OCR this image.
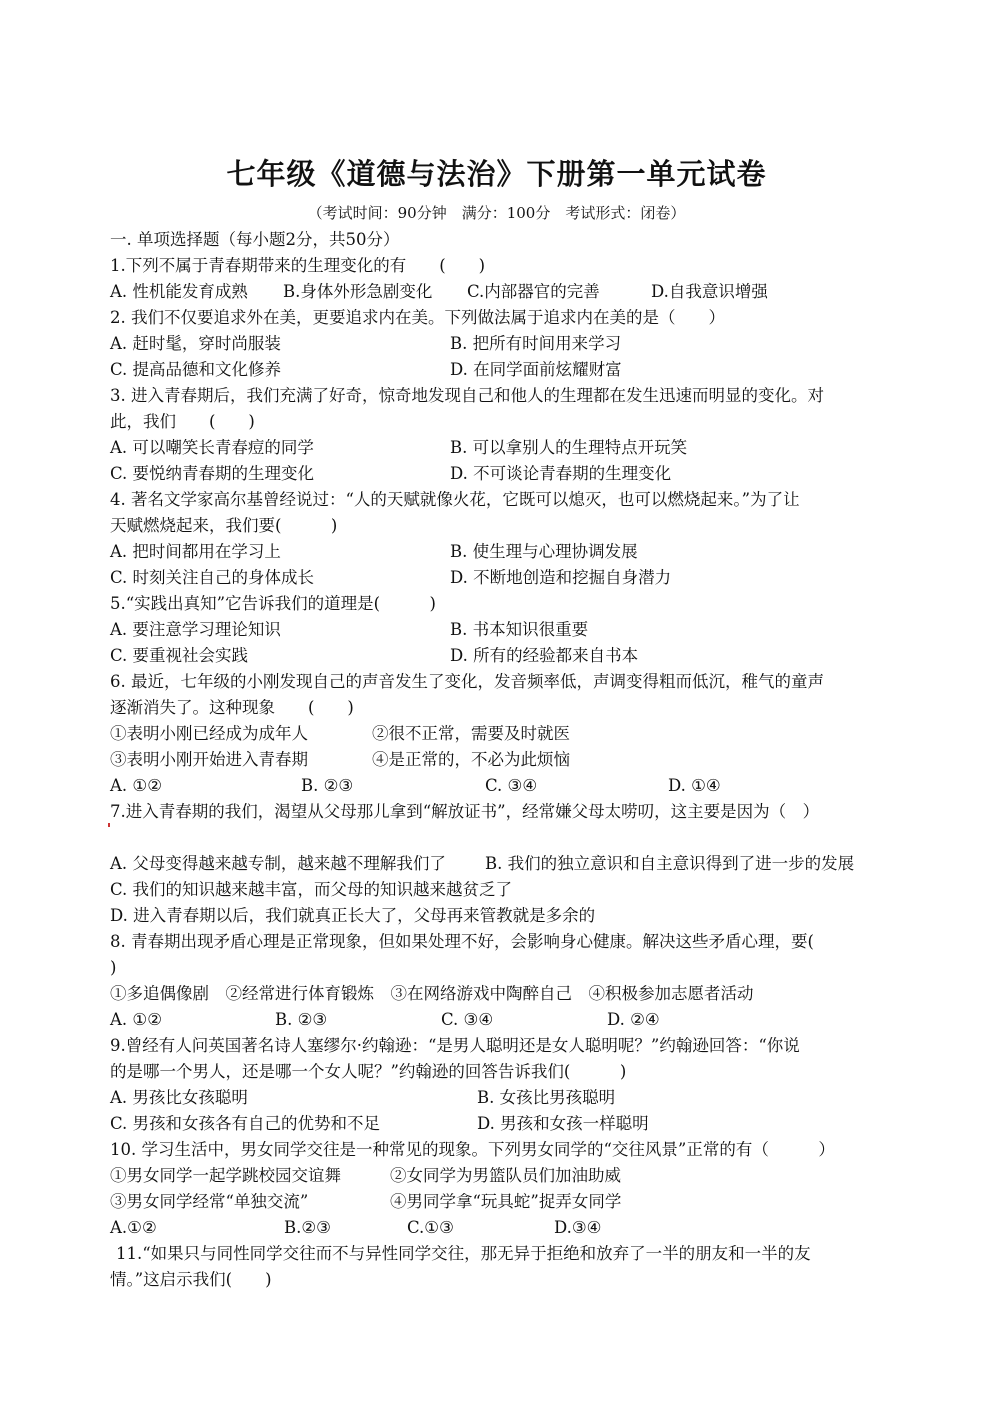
七年级《道德与法治》下册第一单元试卷
（考试时间：90分钟　满分：100分　考试形式：闭卷）
一. 单项选择题（每小题2分，共50分）
1.下列不属于青春期带来的生理变化的有　　(　　)
A. 性机能发育成熟 B.身体外形急剧变化 C.内部器官的完善	D.自我意识增强
2. 我们不仅要追求外在美，更要追求内在美。下列做法属于追求内在美的是（　　）
A. 赶时髦，穿时尚服装	B. 把所有时间用来学习
C. 提高品德和文化修养	D. 在同学面前炫耀财富
3. 进入青春期后，我们充满了好奇，惊奇地发现自己和他人的生理都在发生迅速而明显的变化。对
此，我们　　(　　)
A. 可以嘲笑长青春痘的同学	B. 可以拿别人的生理特点开玩笑
C. 要悦纳青春期的生理变化	D. 不可谈论青春期的生理变化
4. 著名文学家高尔基曾经说过：“人的天赋就像火花，它既可以熄灭，也可以燃烧起来。”为了让
天赋燃烧起来，我们要(　　　)
A. 把时间都用在学习上	B. 使生理与心理协调发展
C. 时刻关注自己的身体成长	D. 不断地创造和挖掘自身潜力
5.“实践出真知”它告诉我们的道理是(　　　)
A. 要注意学习理论知识	B. 书本知识很重要
C. 要重视社会实践	D. 所有的经验都来自书本
6. 最近，七年级的小刚发现自己的声音发生了变化，发音频率低，声调变得粗而低沉，稚气的童声
逐渐消失了。这种现象　　(　　)
①表明小刚已经成为成年人	②很不正常，需要及时就医
③表明小刚开始进入青春期	④是正常的，不必为此烦恼
A. ①②	B. ②③	C. ③④	D. ①④
7.进入青春期的我们，渴望从父母那儿拿到“解放证书”，经常嫌父母太唠叨，这主要是因为（　）
A. 父母变得越来越专制，越来越不理解我们了 B. 我们的独立意识和自主意识得到了进一步的发展
C. 我们的知识越来越丰富，而父母的知识越来越贫乏了
D. 进入青春期以后，我们就真正长大了，父母再来管教就是多余的
8. 青春期出现矛盾心理是正常现象，但如果处理不好，会影响身心健康。解决这些矛盾心理，要(
)
①多追偶像剧　②经常进行体育锻炼　③在网络游戏中陶醉自己　④积极参加志愿者活动
A. ①②	B. ②③	C. ③④	D. ②④
9.曾经有人问英国著名诗人塞缪尔·约翰逊：“是男人聪明还是女人聪明呢？”约翰逊回答：“你说
的是哪一个男人，还是哪一个女人呢？”约翰逊的回答告诉我们(　　　)
A. 男孩比女孩聪明	B. 女孩比男孩聪明
C. 男孩和女孩各有自己的优势和不足	D. 男孩和女孩一样聪明
10. 学习生活中，男女同学交往是一种常见的现象。下列男女同学的“交往风景”正常的有（　　　）
①男女同学一起学跳校园交谊舞	②女同学为男篮队员们加油助威
③男女同学经常“单独交流”	④男同学拿“玩具蛇”捉弄女同学
A.①②	B.②③	C.①③	D.③④
11.“如果只与同性同学交往而不与异性同学交往，那无异于拒绝和放弃了一半的朋友和一半的友
情。”这启示我们(　　)
